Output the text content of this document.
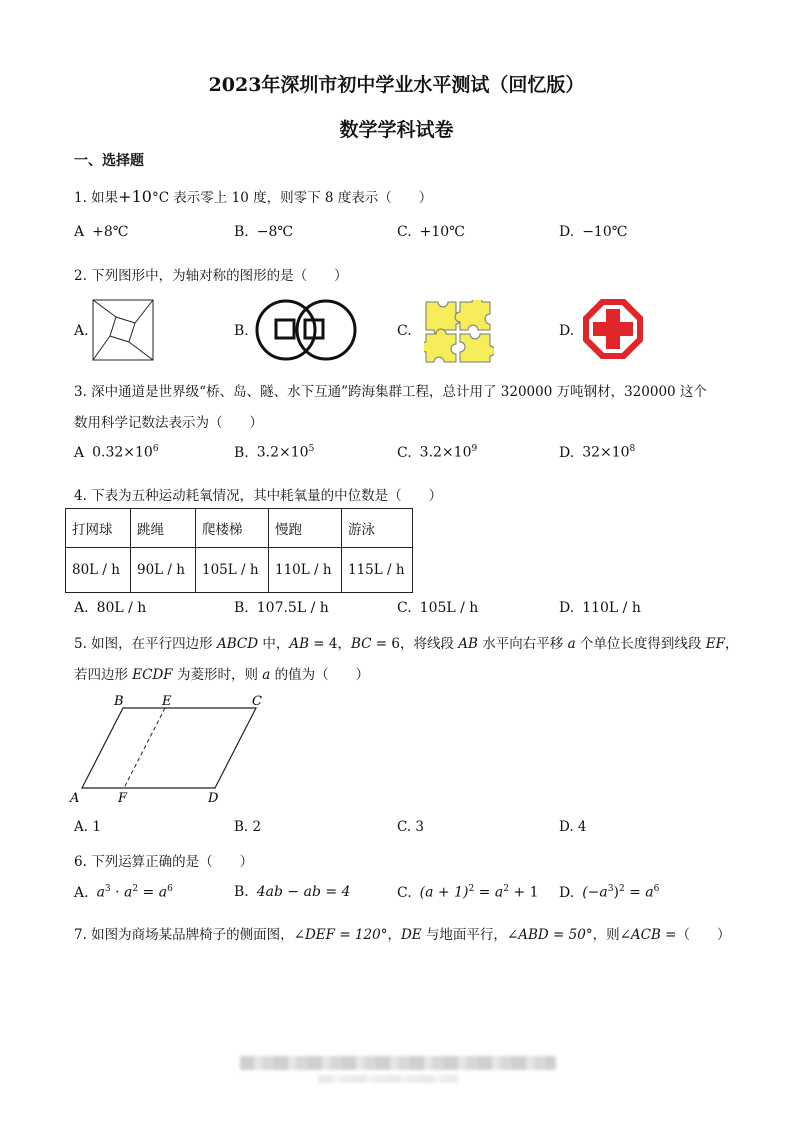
2023年深圳市初中学业水平测试（回忆版）
数学学科试卷
一、选择题
1. 如果+10°C 表示零上 10 度，则零下 8 度表示（　　）
A +8℃	B. −8℃	C. +10℃	D. −10℃
2. 下列图形中，为轴对称的图形的是（　　）
A.	B.	C.	D.
3. 深中通道是世界级“桥、岛、隧、水下互通”跨海集群工程，总计用了 320000 万吨钢材，320000 这个
数用科学记数法表示为（　　）
A $0.32\times 10^6$	B. $3.2\times 10^5$	C. $3.2\times 10^9$	D. $32\times 10^8$
4. 下表为五种运动耗氧情况，其中耗氧量的中位数是（　　）
打网球	跳绳	爬楼梯	慢跑	游泳
80L / h	90L / h	105L / h	110L / h	115L / h
A. 80L / h	B. 107.5L / h	C. 105L / h	D. 110L / h
5. 如图，在平行四边形 ABCD 中，AB = 4，BC = 6，将线段 AB 水平向右平移 a 个单位长度得到线段 EF，
若四边形 ECDF 为菱形时，则 a 的值为（　　）
B	E	C
A	F	D
A. 1	B. 2	C. 3	D. 4
6. 下列运算正确的是（　　）
A. $a^3 \cdot a^2 = a^6$	B. 4ab − ab = 4	C. $(a + 1)^2 = a^2 + 1$ D. $(-a^3)^2 = a^6$
7. 如图为商场某品牌椅子的侧面图，∠DEF = 120°，DE 与地面平行，∠ABD = 50°，则∠ACB =（　　）
